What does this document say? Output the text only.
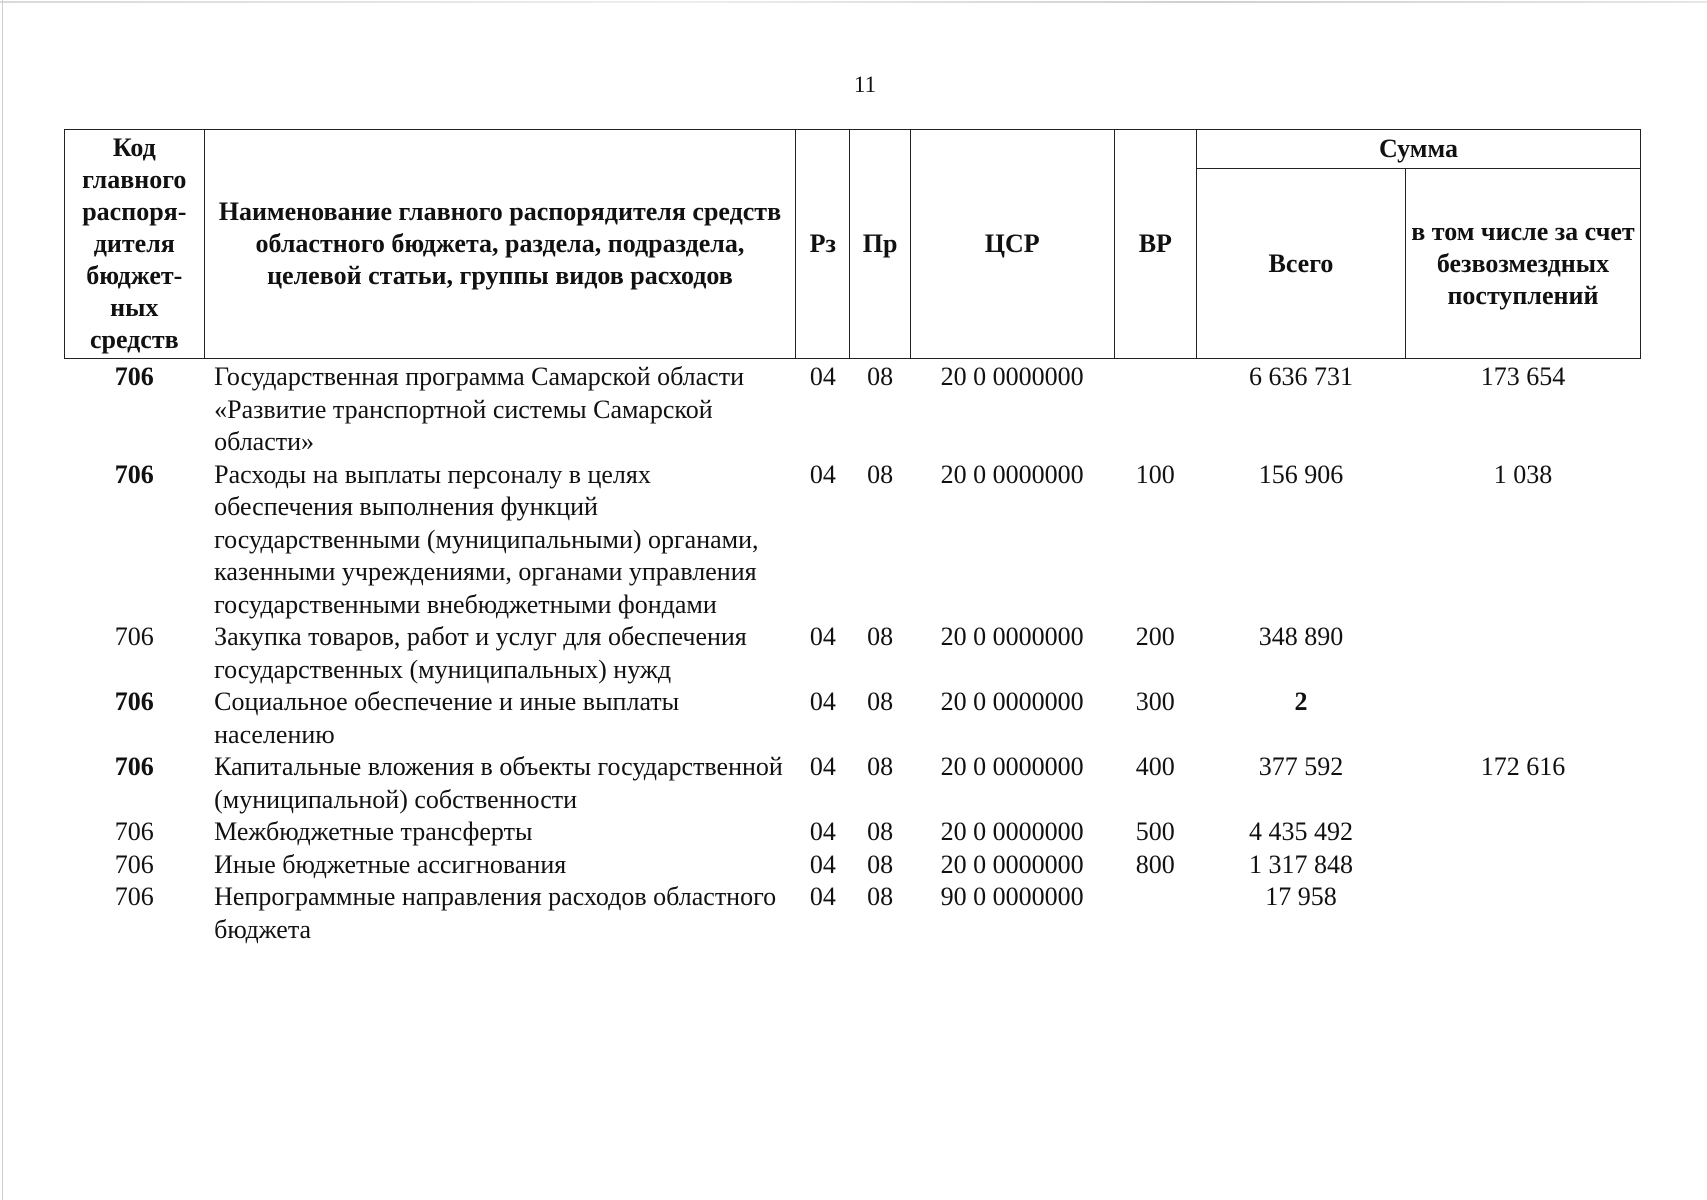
11
Код главного распоря-дителя бюджет-ных средств	Наименование главного распорядителя средств областного бюджета, раздела, подраздела, целевой статьи, группы видов расходов	Рз	Пр	ЦСР	ВР	Сумма	
						Всего	в том числе за счет безвозмездных поступлений
706	Государственная программа Самарской области «Развитие транспортной системы Самарской области»	04	08	20 0 0000000		6 636 731	173 654
706	Расходы на выплаты персоналу в целях обеспечения выполнения функций государственными (муниципальными) органами, казенными учреждениями, органами управления государственными внебюджетными фондами	04	08	20 0 0000000	100	156 906	1 038
706	Закупка товаров, работ и услуг для обеспечения государственных (муниципальных) нужд	04	08	20 0 0000000	200	348 890	
706	Социальное обеспечение и иные выплаты населению	04	08	20 0 0000000	300	2	
706	Капитальные вложения в объекты государственной (муниципальной) собственности	04	08	20 0 0000000	400	377 592	172 616
706	Межбюджетные трансферты	04	08	20 0 0000000	500	4 435 492	
706	Иные бюджетные ассигнования	04	08	20 0 0000000	800	1 317 848	
706	Непрограммные направления расходов областного бюджета	04	08	90 0 0000000		17 958	
